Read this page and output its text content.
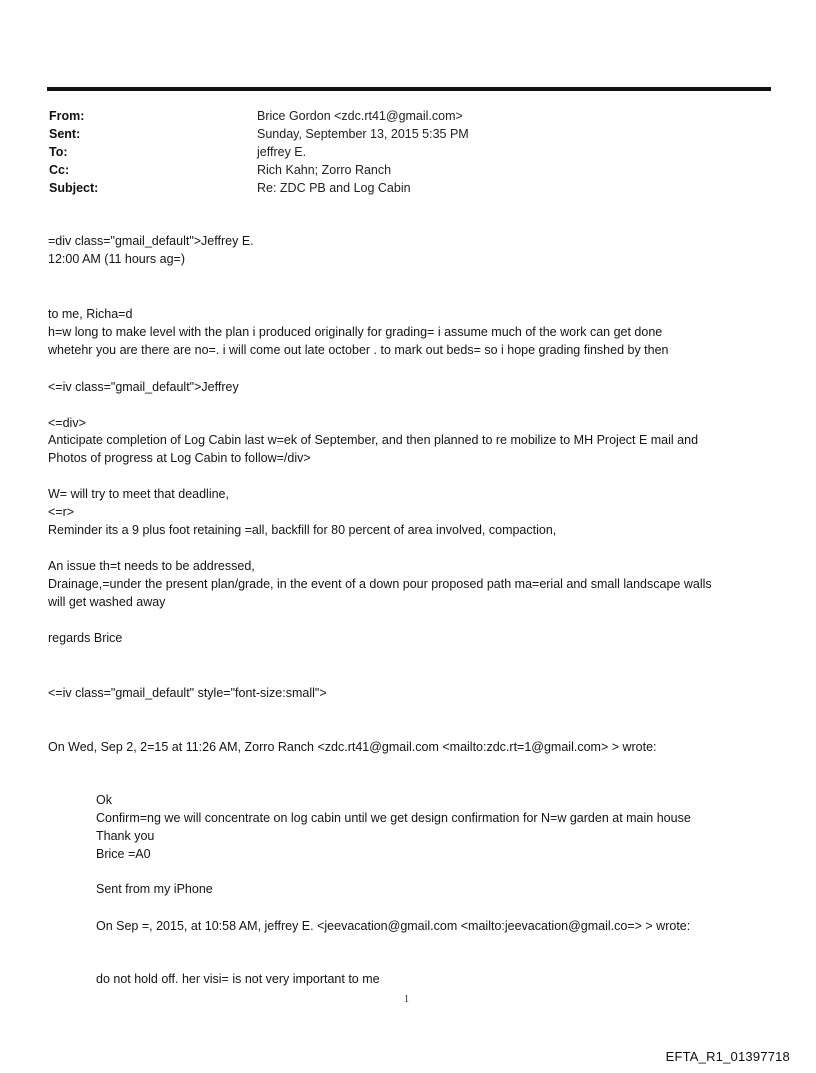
From:	Brice Gordon <zdc.rt41@gmail.com>
Sent:	Sunday, September 13, 2015 5:35 PM
To:	jeffrey E.
Cc:	Rich Kahn; Zorro Ranch
Subject:	Re: ZDC PB and Log Cabin
=div class="gmail_default">Jeffrey E.
12:00 AM (11 hours ag=)
to me, Richa=d
h=w long to make level with the plan i produced originally for grading= i assume much of the work can get done
whetehr you are there are no=. i will come out late october . to mark out beds= so i hope grading finshed by then
<=iv class="gmail_default">Jeffrey
<=div>
Anticipate completion of Log Cabin last w=ek of September, and then planned to re mobilize to MH Project E mail and
Photos of progress at Log Cabin to follow=/div>
W= will try to meet that deadline,
<=r>
Reminder its a 9 plus foot retaining =all, backfill for 80 percent of area involved, compaction,
An issue th=t needs to be addressed,
Drainage,=under the present plan/grade, in the event of a down pour proposed path ma=erial and small landscape walls
will get washed away
regards Brice
<=iv class="gmail_default" style="font-size:small">
On Wed, Sep 2, 2=15 at 11:26 AM, Zorro Ranch <zdc.rt41@gmail.com <mailto:zdc.rt=1@gmail.com> > wrote:
Ok
Confirm=ng we will concentrate on log cabin until we get design confirmation for N=w garden at main house
Thank you
Brice =A0
Sent from my iPhone
On Sep =, 2015, at 10:58 AM, jeffrey E. <jeevacation@gmail.com <mailto:jeevacation@gmail.co=> > wrote:
do not hold off. her visi= is not very important to me
1
EFTA_R1_01397718
